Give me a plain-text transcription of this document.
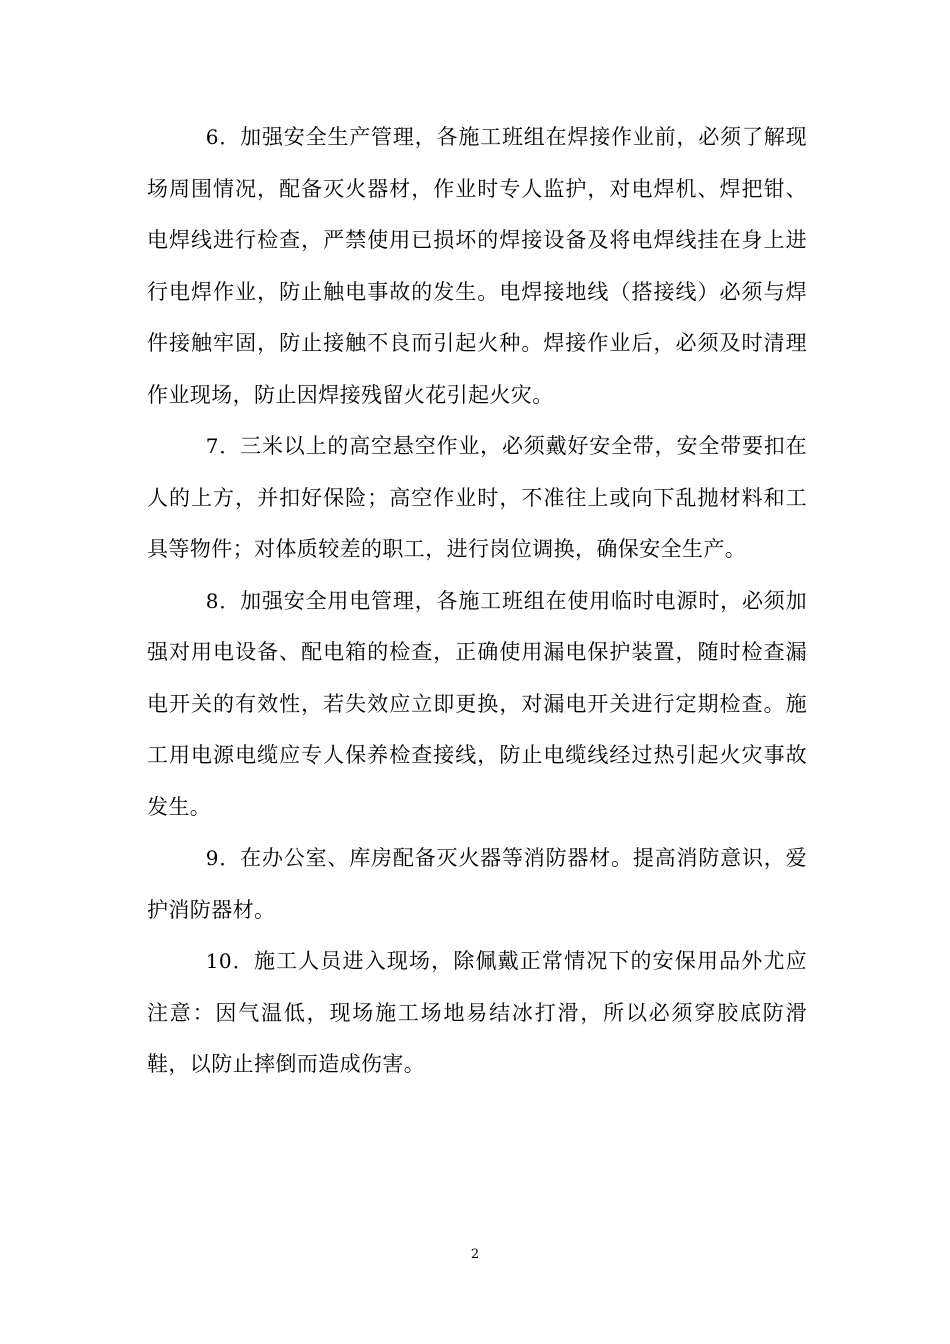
6．加强安全生产管理，各施工班组在焊接作业前，必须了解现场周围情况，配备灭火器材，作业时专人监护，对电焊机、焊把钳、电焊线进行检查，严禁使用已损坏的焊接设备及将电焊线挂在身上进行电焊作业，防止触电事故的发生。电焊接地线（搭接线）必须与焊件接触牢固，防止接触不良而引起火种。焊接作业后，必须及时清理作业现场，防止因焊接残留火花引起火灾。

7．三米以上的高空悬空作业，必须戴好安全带，安全带要扣在人的上方，并扣好保险；高空作业时，不准往上或向下乱抛材料和工具等物件；对体质较差的职工，进行岗位调换，确保安全生产。

8．加强安全用电管理，各施工班组在使用临时电源时，必须加强对用电设备、配电箱的检查，正确使用漏电保护装置，随时检查漏电开关的有效性，若失效应立即更换，对漏电开关进行定期检查。施工用电源电缆应专人保养检查接线，防止电缆线经过热引起火灾事故发生。

9．在办公室、库房配备灭火器等消防器材。提高消防意识，爱护消防器材。

10．施工人员进入现场，除佩戴正常情况下的安保用品外尤应注意：因气温低，现场施工场地易结冰打滑，所以必须穿胶底防滑鞋，以防止摔倒而造成伤害。

2
